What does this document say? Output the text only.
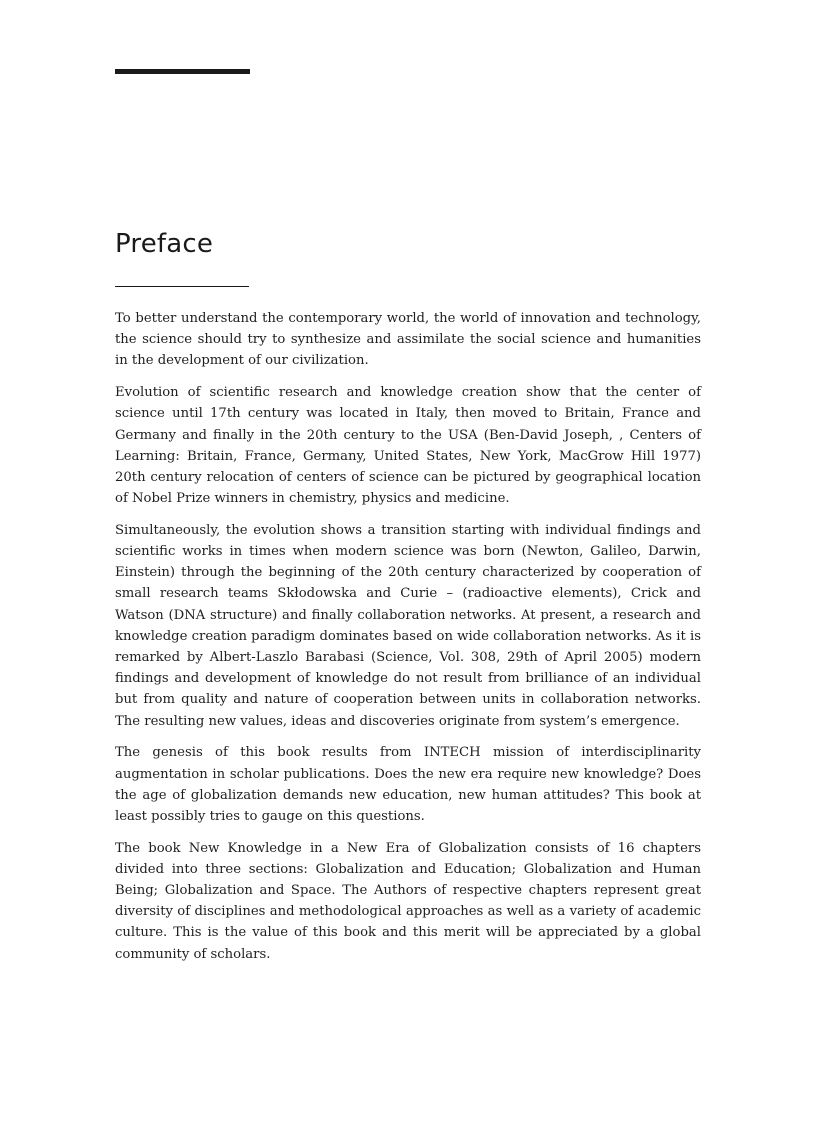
Preface

To better understand the contemporary world, the world of innovation and technology, the science should try to synthesize and assimilate the social science and humanities in the development of our civilization.

Evolution of scientific research and knowledge creation show that the center of science until 17th century was located in Italy, then moved to Britain, France and Germany and finally in the 20th century to the USA (Ben-David Joseph, , Centers of Learning: Britain, France, Germany, United States, New York, MacGrow Hill 1977) 20th century relocation of centers of science can be pictured by geographical location of Nobel Prize winners in chemistry, physics and medicine.

Simultaneously, the evolution shows a transition starting with individual findings and scientific works in times when modern science was born (Newton, Galileo, Darwin, Einstein) through the beginning of the 20th century characterized by cooperation of small research teams Skłodowska and Curie – (radioactive elements), Crick and Watson (DNA structure) and finally collaboration networks. At present, a research and knowledge creation paradigm dominates based on wide collaboration networks. As it is remarked by Albert-Laszlo Barabasi (Science, Vol. 308, 29th of April 2005) modern findings and development of knowledge do not result from brilliance of an individual but from quality and nature of cooperation between units in collaboration networks. The resulting new values, ideas and discoveries originate from system’s emergence.

The genesis of this book results from INTECH mission of interdisciplinarity augmentation in scholar publications. Does the new era require new knowledge? Does the age of globalization demands new education, new human attitudes? This book at least possibly tries to gauge on this questions.

The book New Knowledge in a New Era of Globalization consists of 16 chapters divided into three sections: Globalization and Education; Globalization and Human Being; Globalization and Space. The Authors of respective chapters represent great diversity of disciplines and methodological approaches as well as a variety of academic culture. This is the value of this book and this merit will be appreciated by a global community of scholars.
